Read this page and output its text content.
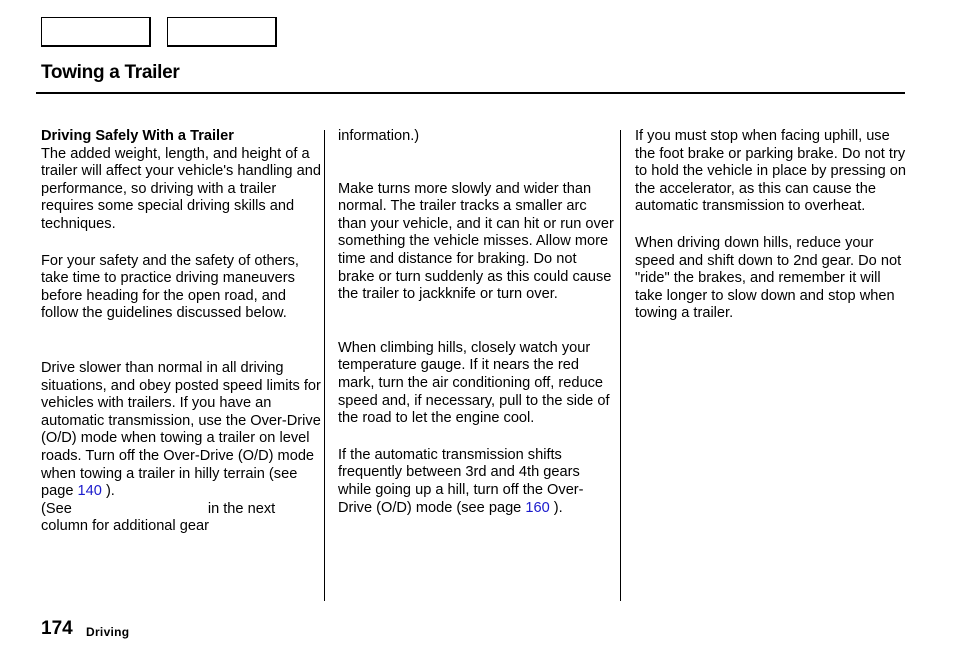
Towing a Trailer

Driving Safely With a Trailer
The added weight, length, and height of a trailer will affect your vehicle's handling and performance, so driving with a trailer requires some special driving skills and techniques.

For your safety and the safety of others, take time to practice driving maneuvers before heading for the open road, and follow the guidelines discussed below.

Drive slower than normal in all driving situations, and obey posted speed limits for vehicles with trailers. If you have an automatic transmission, use the Over-Drive (O/D) mode when towing a trailer on level roads. Turn off the Over-Drive (O/D) mode when towing a trailer in hilly terrain (see page 140 ).

(See	in the next column for additional gear

information.)

Make turns more slowly and wider than normal. The trailer tracks a smaller arc than your vehicle, and it can hit or run over something the vehicle misses. Allow more time and distance for braking. Do not brake or turn suddenly as this could cause the trailer to jackknife or turn over.

When climbing hills, closely watch your temperature gauge. If it nears the red mark, turn the air conditioning off, reduce speed and, if necessary, pull to the side of the road to let the engine cool.

If the automatic transmission shifts frequently between 3rd and 4th gears while going up a hill, turn off the Over-Drive (O/D) mode (see page 160 ).

If you must stop when facing uphill, use the foot brake or parking brake. Do not try to hold the vehicle in place by pressing on the accelerator, as this can cause the automatic transmission to overheat.

When driving down hills, reduce your speed and shift down to 2nd gear. Do not "ride" the brakes, and remember it will take longer to slow down and stop when towing a trailer.

174 Driving
